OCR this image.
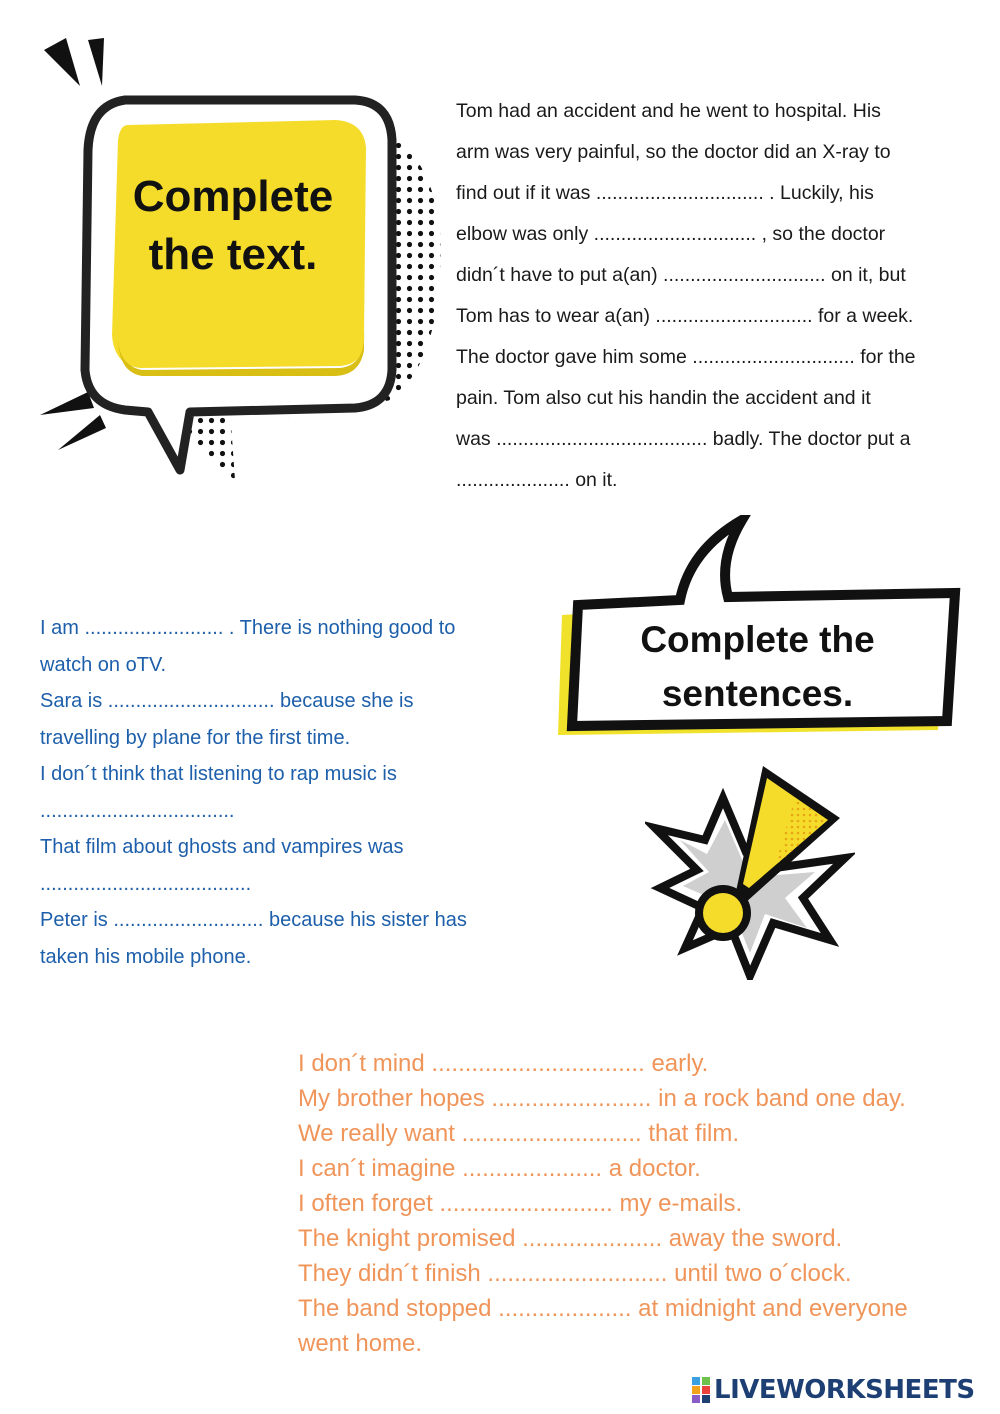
Complete
the text.
Tom had an accident and he went to hospital. His
arm was very painful, so the doctor did an X-ray to
find out if it was ............................... . Luckily, his
elbow was only .............................. , so the doctor
didn´t have to put a(an) .............................. on it, but
Tom has to wear a(an) ............................. for a week.
The doctor gave him some .............................. for the
pain. Tom also cut his handin the accident and it
was ....................................... badly. The doctor put a
..................... on it.
I am ......................... . There is nothing good to
watch on oTV.
Sara is .............................. because she is
travelling by plane for the first time.
I don´t think that listening to rap music is
...................................
That film about ghosts and vampires was
......................................
Peter is ........................... because his sister has
taken his mobile phone.
Complete the
sentences.
I don´t mind ................................ early.
My brother hopes ........................ in a rock band one day.
We really want ........................... that film.
I can´t imagine ..................... a doctor.
I often forget .......................... my e-mails.
The knight promised ..................... away the sword.
They didn´t finish ........................... until two o´clock.
The band stopped .................... at midnight and everyone
went home.
LIVEWORKSHEETS
